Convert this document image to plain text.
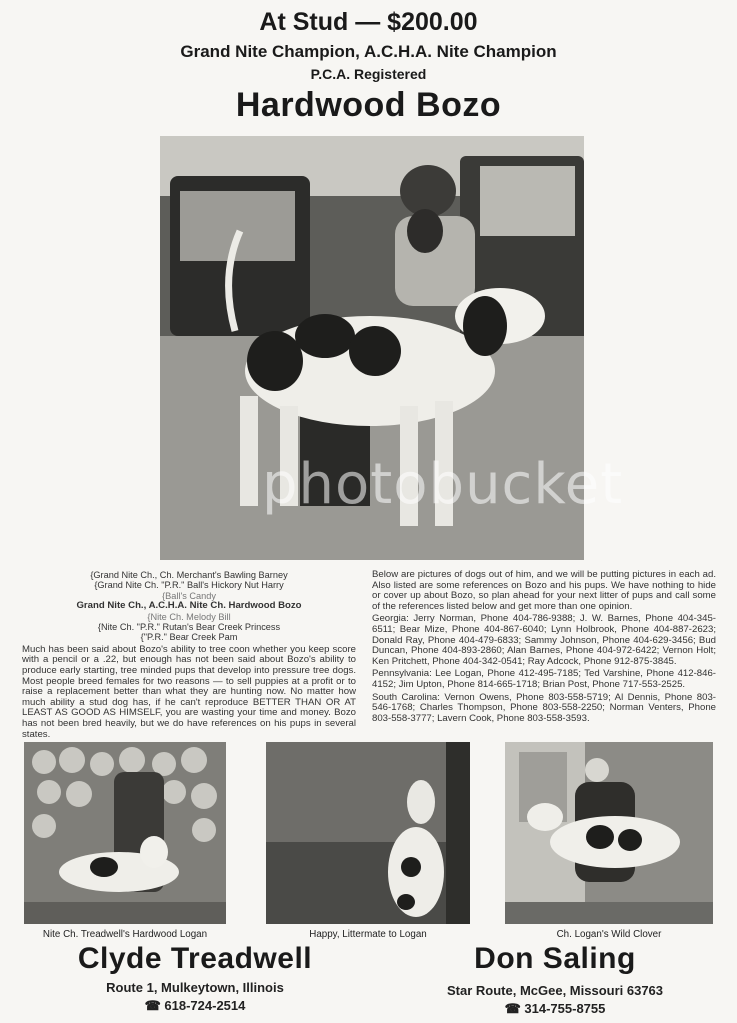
At Stud — $200.00
Grand Nite Champion, A.C.H.A. Nite Champion
P.C.A. Registered
Hardwood Bozo
photobucket
{Grand Nite Ch., Ch. Merchant's Bawling Barney
{Grand Nite Ch. "P.R." Ball's Hickory Nut Harry
{Ball's Candy
Grand Nite Ch., A.C.H.A. Nite Ch. Hardwood Bozo
{Nite Ch. Melody Bill
{Nite Ch. "P.R." Rutan's Bear Creek Princess
{"P.R." Bear Creek Pam

Much has been said about Bozo's ability to tree coon whether you keep score with a pencil or a .22, but enough has not been said about Bozo's ability to produce early starting, tree minded pups that develop into pressure tree dogs. Most people breed females for two reasons — to sell puppies at a profit or to raise a replacement better than what they are hunting now. No matter how much ability a stud dog has, if he can't reproduce BETTER THAN OR AT LEAST AS GOOD AS HIMSELF, you are wasting your time and money. Bozo has not been bred heavily, but we do have references on his pups in several states.

Below are pictures of dogs out of him, and we will be putting pictures in each ad. Also listed are some references on Bozo and his pups. We have nothing to hide or cover up about Bozo, so plan ahead for your next litter of pups and call some of the references listed below and get more than one opinion.

Georgia: Jerry Norman, Phone 404-786-9388; J. W. Barnes, Phone 404-345-6511; Bear Mize, Phone 404-867-6040; Lynn Holbrook, Phone 404-887-2623; Donald Ray, Phone 404-479-6833; Sammy Johnson, Phone 404-629-3456; Bud Duncan, Phone 404-893-2860; Alan Barnes, Phone 404-972-6422; Vernon Holt; Ken Pritchett, Phone 404-342-0541; Ray Adcock, Phone 912-875-3845.

Pennsylvania: Lee Logan, Phone 412-495-7185; Ted Varshine, Phone 412-846-4152; Jim Upton, Phone 814-665-1718; Brian Post, Phone 717-553-2525.

South Carolina: Vernon Owens, Phone 803-558-5719; Al Dennis, Phone 803-546-1768; Charles Thompson, Phone 803-558-2250; Norman Venters, Phone 803-558-3777; Lavern Cook, Phone 803-558-3593.

Nite Ch. Treadwell's Hardwood Logan	Happy, Littermate to Logan	Ch. Logan's Wild Clover
Clyde Treadwell
Route 1, Mulkeytown, Illinois
☎ 618-724-2514
Don Saling
Star Route, McGee, Missouri 63763
☎ 314-755-8755
